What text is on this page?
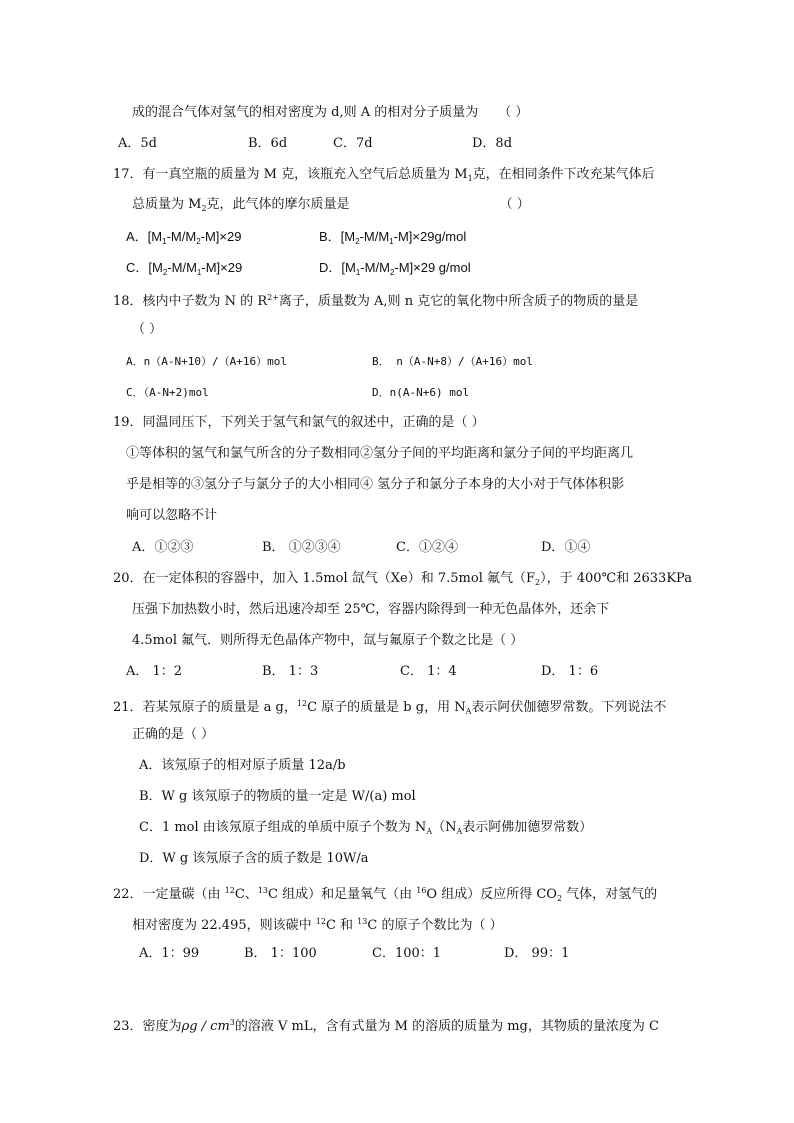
成的混合气体对氢气的相对密度为 d,则 A 的相对分子质量为 （ ）
A．5d	B．6d	C．7d	D．8d
17．有一真空瓶的质量为 M 克，该瓶充入空气后总质量为 $M_1$克，在相同条件下改充某气体后
总质量为 $M_2$克，此气体的摩尔质量是	（ ）
A．$[M_1-M/M_2-M]\times 29$	B．$[M_2-M/M_1-M]\times 29g$/mol
C．$[M_2-M/M_1-M]\times 29$	D．$[M_1-M/M_2-M]\times 29$ g/mol
18．核内中子数为 N 的 $R^{2+}$离子，质量数为 A,则 n 克它的氧化物中所含质子的物质的量是
（ ）
A．n（A-N+10）/（A+16）mol	B． n（A-N+8）/（A+16）mol
C．（A-N+2)mol	D．n(A-N+6) mol
19．同温同压下，下列关于氢气和氯气的叙述中，正确的是（ ）
①等体积的氢气和氯气所含的分子数相同②氢分子间的平均距离和氯分子间的平均距离几
乎是相等的③氢分子与氯分子的大小相同④ 氢分子和氯分子本身的大小对于气体体积影
响可以忽略不计
A．①②③	B． ①②③④	C．①②④	D．①④
20．在一定体积的容器中，加入 1.5mol 氙气（Xe）和 7.5mol 氟气$(F_2)$，于 400℃和 2633KPa
压强下加热数小时，然后迅速冷却至 25℃，容器内除得到一种无色晶体外，还余下
4.5mol 氟气．则所得无色晶体产物中，氙与氟原子个数之比是（ ）
A． 1：2	B． 1：3	C． 1：4	D． 1：6
21．若某氖原子的质量是 a g，$^{12}$C 原子的质量是 b g，用 $N_A$表示阿伏伽德罗常数。下列说法不
正确的是（ ）
A．该氖原子的相对原子质量 12a/b
B．W g 该氖原子的物质的量一定是 W/(a) mol
C．1 mol 由该氖原子组成的单质中原子个数为 $N_A(N_A$表示阿佛加德罗常数）
D．W g 该氖原子含的质子数是 10W/a
22．一定量碳（由 $^{12}$C、$^{13}$C 组成）和足量氧气（由 $^{16}$O 组成）反应所得 $CO_2$ 气体，对氢气的
相对密度为 22.495，则该碳中 $^{12}$C 和 $^{13}$C 的原子个数比为（ ）
A．1：99	B． 1：100	C．100：1	D． 99：1
23．密度为ρg / $cm^3$的溶液 V mL，含有式量为 M 的溶质的质量为 mg，其物质的量浓度为 C
